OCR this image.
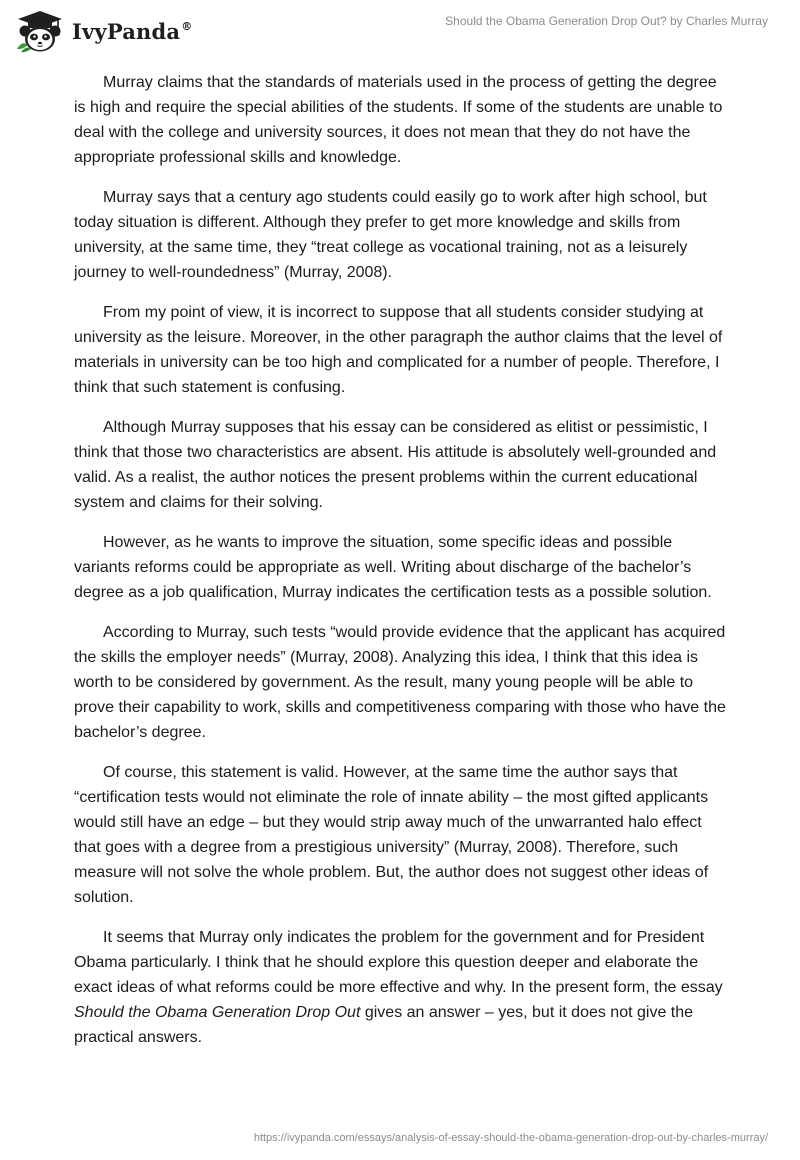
IvyPanda®	Should the Obama Generation Drop Out? by Charles Murray

Murray claims that the standards of materials used in the process of getting the degree is high and require the special abilities of the students. If some of the students are unable to deal with the college and university sources, it does not mean that they do not have the appropriate professional skills and knowledge.

Murray says that a century ago students could easily go to work after high school, but today situation is different. Although they prefer to get more knowledge and skills from university, at the same time, they “treat college as vocational training, not as a leisurely journey to well-roundedness” (Murray, 2008).

From my point of view, it is incorrect to suppose that all students consider studying at university as the leisure. Moreover, in the other paragraph the author claims that the level of materials in university can be too high and complicated for a number of people. Therefore, I think that such statement is confusing.

Although Murray supposes that his essay can be considered as elitist or pessimistic, I think that those two characteristics are absent. His attitude is absolutely well-grounded and valid. As a realist, the author notices the present problems within the current educational system and claims for their solving.

However, as he wants to improve the situation, some specific ideas and possible variants reforms could be appropriate as well. Writing about discharge of the bachelor’s degree as a job qualification, Murray indicates the certification tests as a possible solution.

According to Murray, such tests “would provide evidence that the applicant has acquired the skills the employer needs” (Murray, 2008). Analyzing this idea, I think that this idea is worth to be considered by government. As the result, many young people will be able to prove their capability to work, skills and competitiveness comparing with those who have the bachelor’s degree.

Of course, this statement is valid. However, at the same time the author says that “certification tests would not eliminate the role of innate ability – the most gifted applicants would still have an edge – but they would strip away much of the unwarranted halo effect that goes with a degree from a prestigious university” (Murray, 2008). Therefore, such measure will not solve the whole problem. But, the author does not suggest other ideas of solution.

It seems that Murray only indicates the problem for the government and for President Obama particularly. I think that he should explore this question deeper and elaborate the exact ideas of what reforms could be more effective and why. In the present form, the essay Should the Obama Generation Drop Out gives an answer – yes, but it does not give the practical answers.

https://ivypanda.com/essays/analysis-of-essay-should-the-obama-generation-drop-out-by-charles-murray/
